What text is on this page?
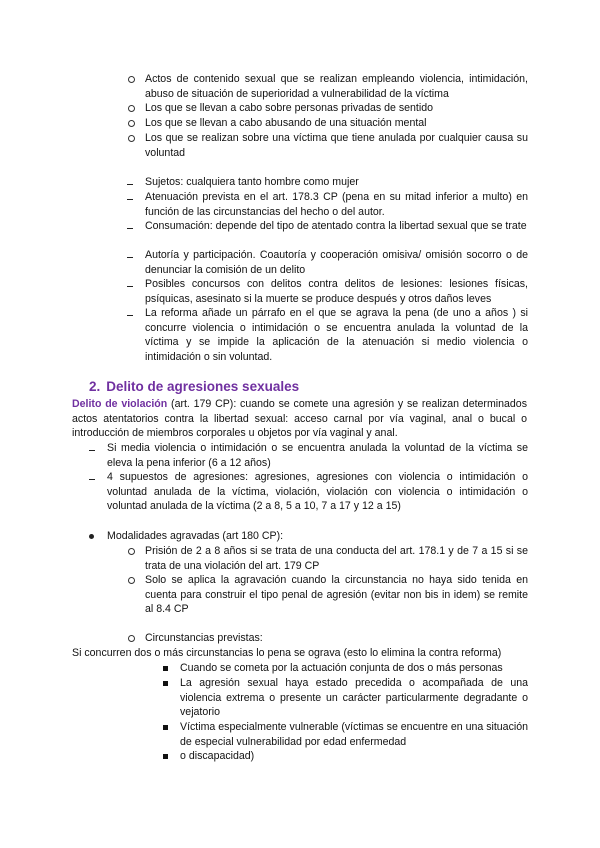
Actos de contenido sexual que se realizan empleando violencia, intimidación, abuso de situación de superioridad a vulnerabilidad de la víctima
Los que se llevan a cabo sobre personas privadas de sentido
Los que se llevan a cabo abusando de una situación mental
Los que se realizan sobre una víctima que tiene anulada por cualquier causa su voluntad
Sujetos: cualquiera tanto hombre como mujer
Atenuación prevista en el art. 178.3 CP (pena en su mitad inferior a multo) en función de las circunstancias del hecho o del autor.
Consumación: depende del tipo de atentado contra la libertad sexual que se trate
Autoría y participación. Coautoría y cooperación omisiva/ omisión socorro o de denunciar la comisión de un delito
Posibles concursos con delitos contra delitos de lesiones: lesiones físicas, psíquicas, asesinato si la muerte se produce después y otros daños leves
La reforma añade un párrafo en el que se agrava la pena (de uno a años ) si concurre violencia o intimidación o se encuentra anulada la voluntad de la víctima y se impide la aplicación de la atenuación si medio violencia o intimidación o sin voluntad.
2. Delito de agresiones sexuales
Delito de violación (art. 179 CP): cuando se comete una agresión y se realizan determinados actos atentatorios contra la libertad sexual: acceso carnal por vía vaginal, anal o bucal o introducción de miembros corporales u objetos por vía vaginal y anal.
Si media violencia o intimidación o se encuentra anulada la voluntad de la víctima se eleva la pena inferior (6 a 12 años)
4 supuestos de agresiones: agresiones, agresiones con violencia o intimidación o voluntad anulada de la víctima, violación, violación con violencia o intimidación o voluntad anulada de la víctima (2 a 8, 5 a 10, 7 a 17 y 12 a 15)
Modalidades agravadas (art 180 CP):
Prisión de 2 a 8 años si se trata de una conducta del art. 178.1 y de 7 a 15 si se trata de una violación del art. 179 CP
Solo se aplica la agravación cuando la circunstancia no haya sido tenida en cuenta para construir el tipo penal de agresión (evitar non bis in idem) se remite al 8.4 CP
Circunstancias previstas:
Si concurren dos o más circunstancias lo pena se ograva (esto lo elimina la contra reforma)
Cuando se cometa por la actuación conjunta de dos o más personas
La agresión sexual haya estado precedida o acompañada de una violencia extrema o presente un carácter particularmente degradante o vejatorio
Víctima especialmente vulnerable (víctimas se encuentre en una situación de especial vulnerabilidad por edad enfermedad
o discapacidad)
